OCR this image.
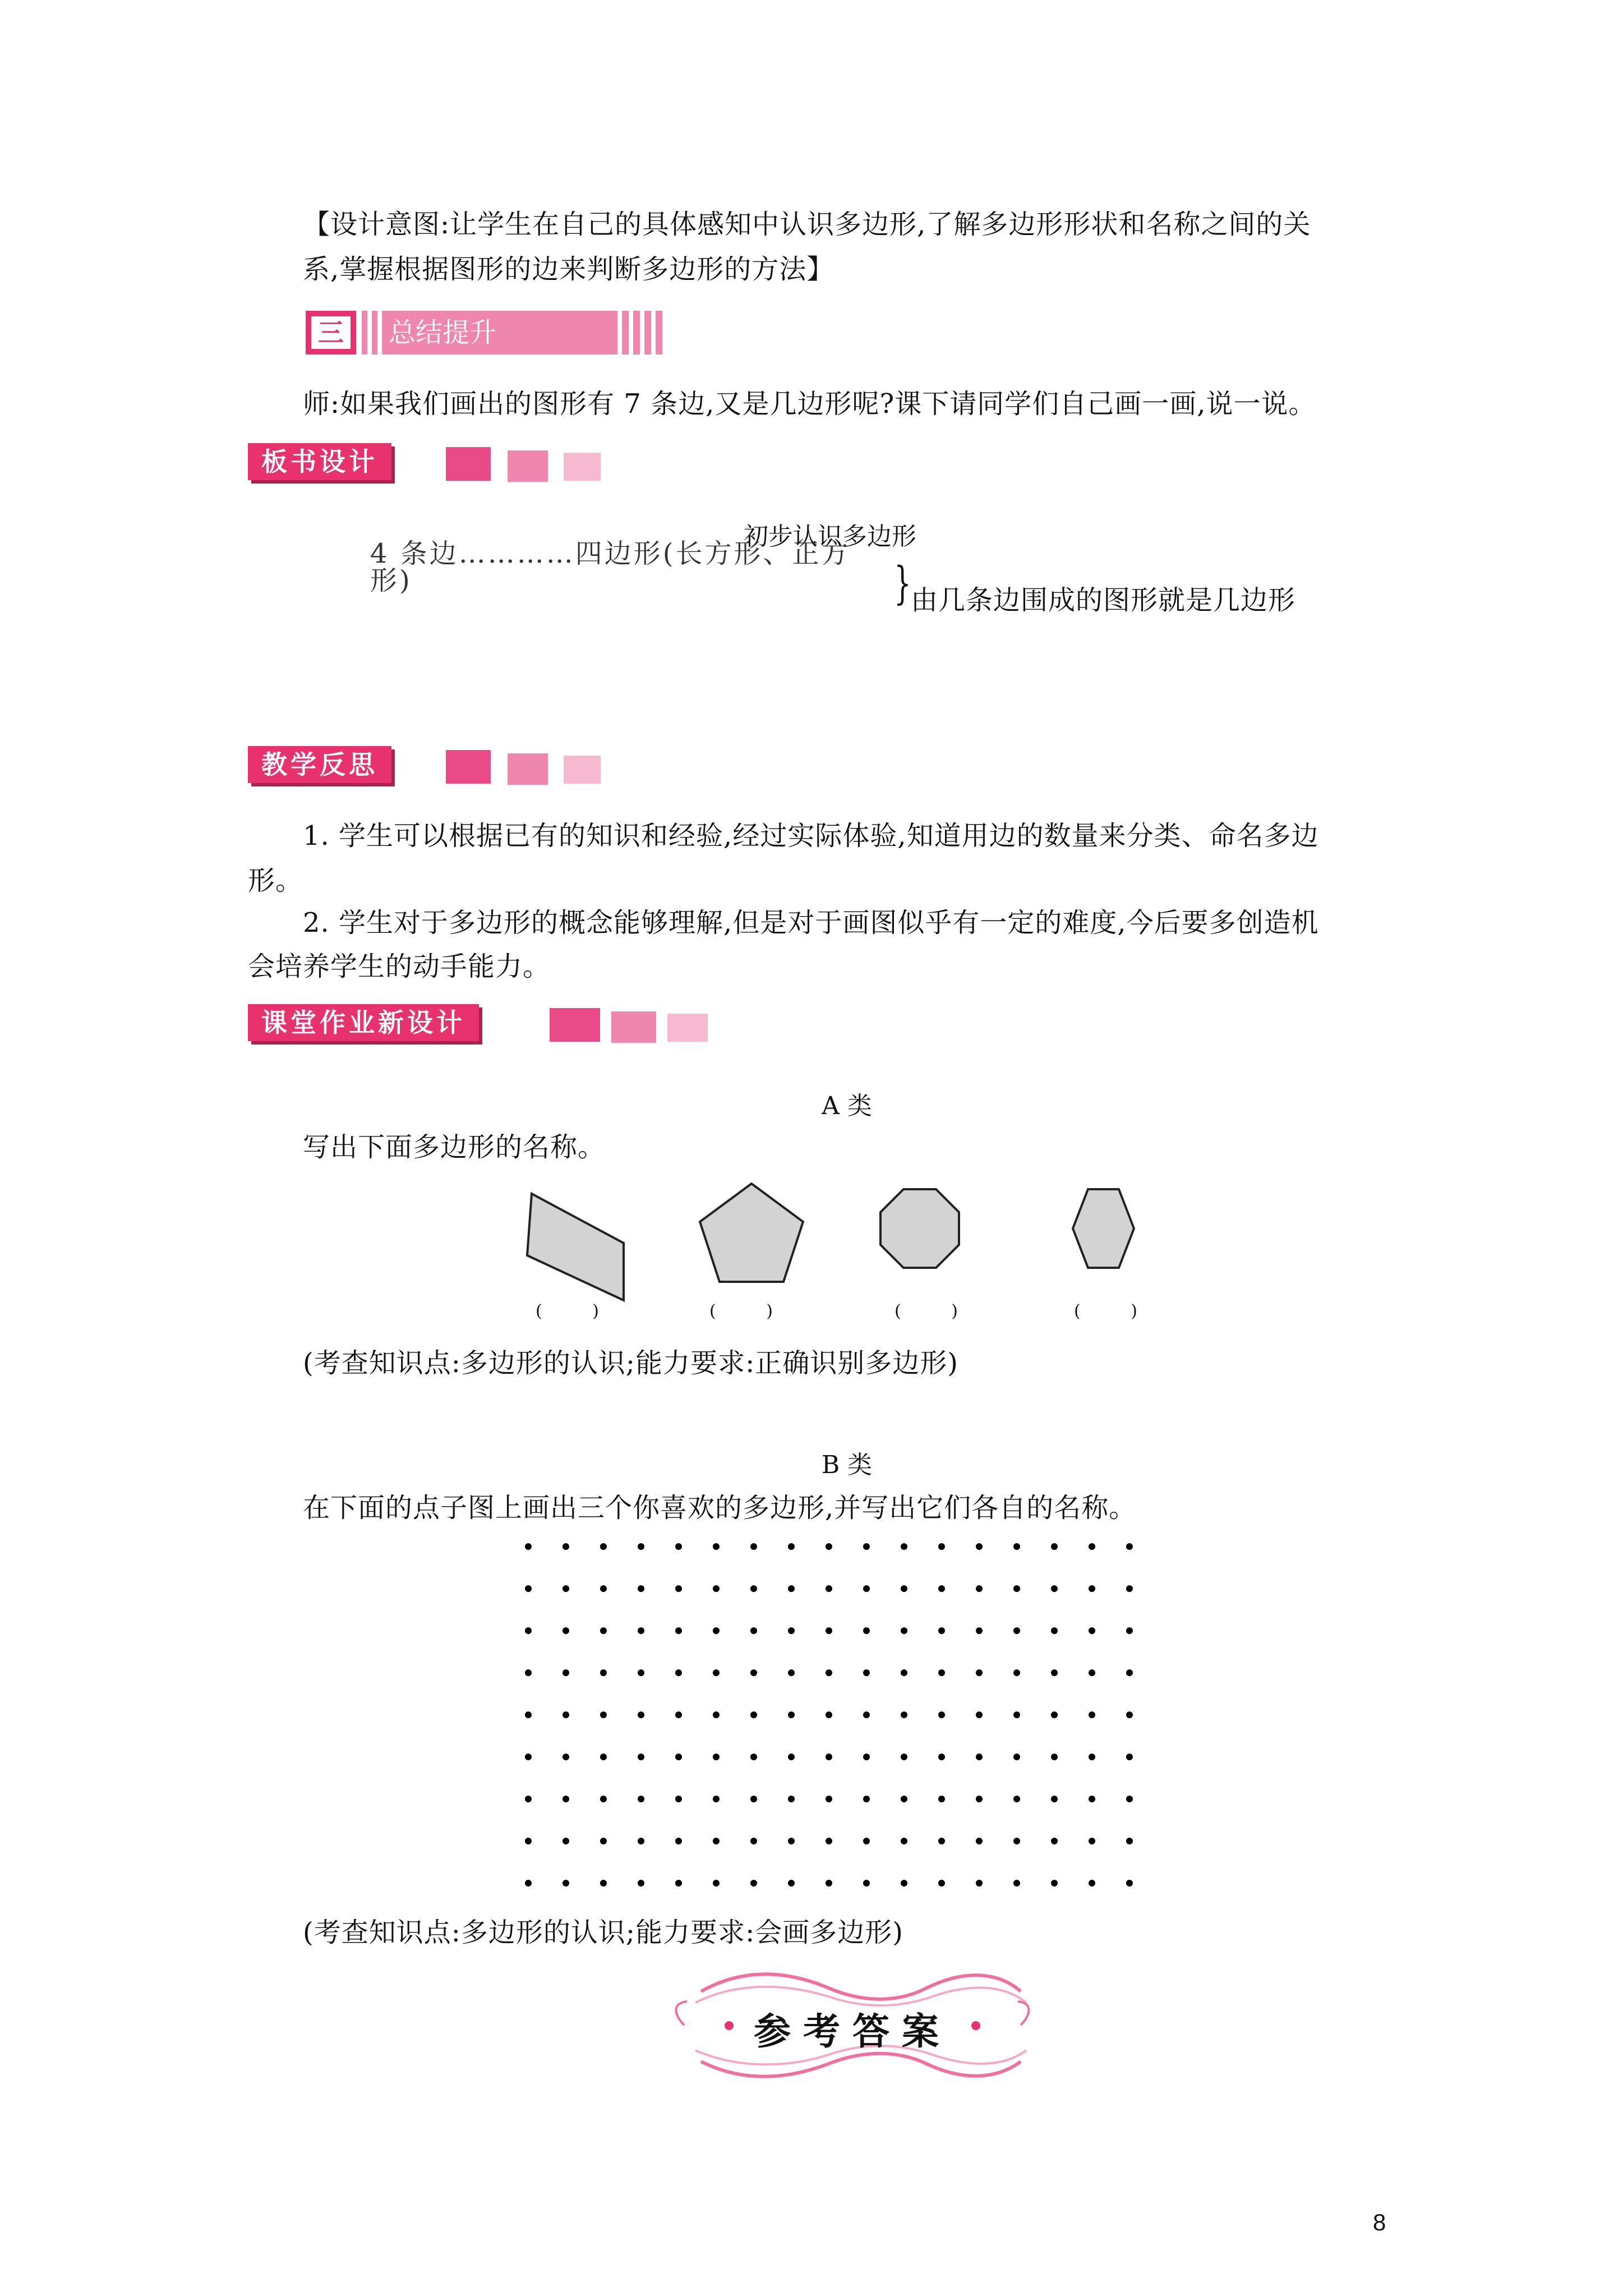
【设计意图:让学生在自己的具体感知中认识多边形,了解多边形形状和名称之间的关
系,掌握根据图形的边来判断多边形的方法】
三 总结提升
师:如果我们画出的图形有 7 条边,又是几边形呢?课下请同学们自己画一画,说一说。
板书设计
初步认识多边形
4 条边…………四边形(长方形、正方形)	} 由几条边围成的图形就是几边形
教学反思
1. 学生可以根据已有的知识和经验,经过实际体验,知道用边的数量来分类、命名多边
形。
2. 学生对于多边形的概念能够理解,但是对于画图似乎有一定的难度,今后要多创造机
会培养学生的动手能力。
课堂作业新设计
A 类
写出下面多边形的名称。
( )	( )	( )	( )
(考查知识点:多边形的认识;能力要求:正确识别多边形)
B 类
在下面的点子图上画出三个你喜欢的多边形,并写出它们各自的名称。
(考查知识点:多边形的认识;能力要求:会画多边形)
参考答案
8
